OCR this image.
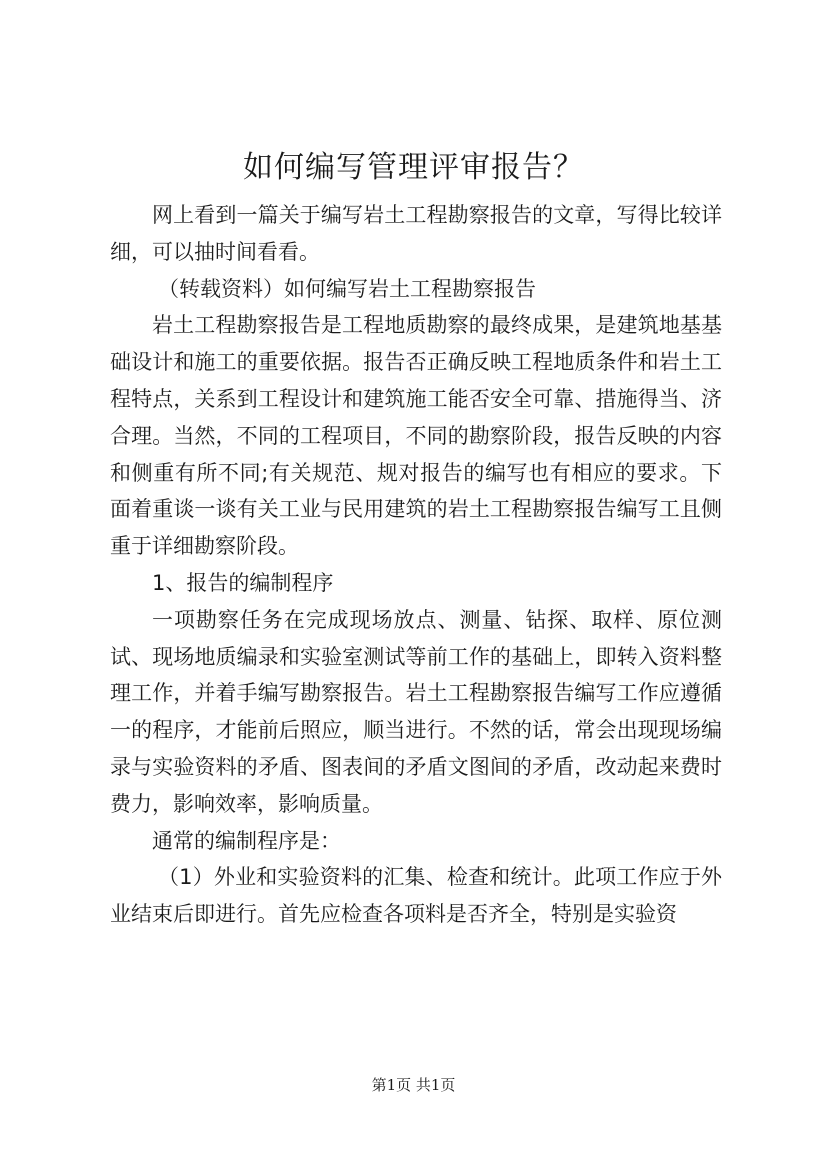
如何编写管理评审报告？

网上看到一篇关于编写岩土工程勘察报告的文章，写得比较详细，可以抽时间看看。

（转载资料）如何编写岩土工程勘察报告

岩土工程勘察报告是工程地质勘察的最终成果，是建筑地基基础设计和施工的重要依据。报告否正确反映工程地质条件和岩土工程特点，关系到工程设计和建筑施工能否安全可靠、措施得当、济合理。当然，不同的工程项目，不同的勘察阶段，报告反映的内容和侧重有所不同;有关规范、规对报告的编写也有相应的要求。下面着重谈一谈有关工业与民用建筑的岩土工程勘察报告编写工且侧重于详细勘察阶段。

1、报告的编制程序

一项勘察任务在完成现场放点、测量、钻探、取样、原位测试、现场地质编录和实验室测试等前工作的基础上，即转入资料整理工作，并着手编写勘察报告。岩土工程勘察报告编写工作应遵循一的程序，才能前后照应，顺当进行。不然的话，常会出现现场编录与实验资料的矛盾、图表间的矛盾文图间的矛盾，改动起来费时费力，影响效率，影响质量。

通常的编制程序是：

（1）外业和实验资料的汇集、检查和统计。此项工作应于外业结束后即进行。首先应检查各项料是否齐全，特别是实验资

第1页 共1页
